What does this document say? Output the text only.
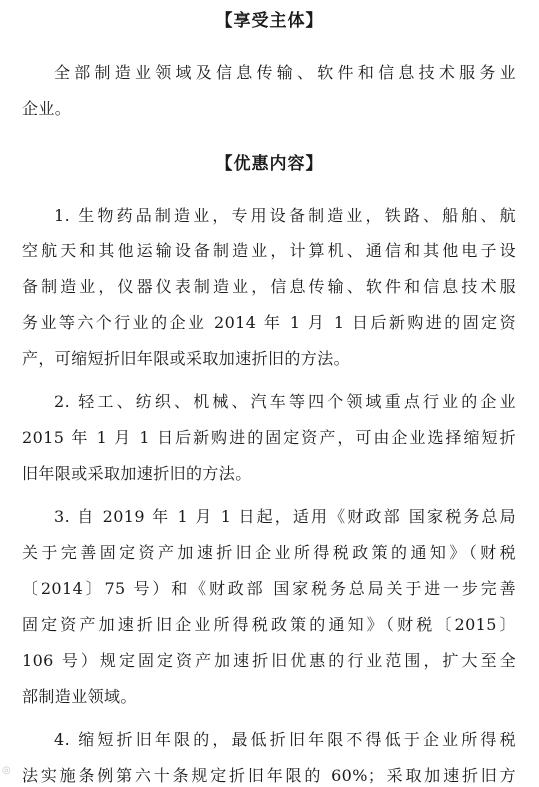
【享受主体】
全部制造业领域及信息传输、软件和信息技术服务业
企业。
【优惠内容】
1. 生物药品制造业，专用设备制造业，铁路、船舶、航
空航天和其他运输设备制造业，计算机、通信和其他电子设
备制造业，仪器仪表制造业，信息传输、软件和信息技术服
务业等六个行业的企业 2014 年 1 月 1 日后新购进的固定资
产，可缩短折旧年限或采取加速折旧的方法。
2. 轻工、纺织、机械、汽车等四个领域重点行业的企业
2015 年 1 月 1 日后新购进的固定资产，可由企业选择缩短折
旧年限或采取加速折旧的方法。
3. 自 2019 年 1 月 1 日起，适用《财政部 国家税务总局
关于完善固定资产加速折旧企业所得税政策的通知》（财税
〔2014〕75 号）和《财政部 国家税务总局关于进一步完善
固定资产加速折旧企业所得税政策的通知》（财税〔2015〕
106 号）规定固定资产加速折旧优惠的行业范围，扩大至全
部制造业领域。
4. 缩短折旧年限的，最低折旧年限不得低于企业所得税
法实施条例第六十条规定折旧年限的 60%；采取加速折旧方
◎
